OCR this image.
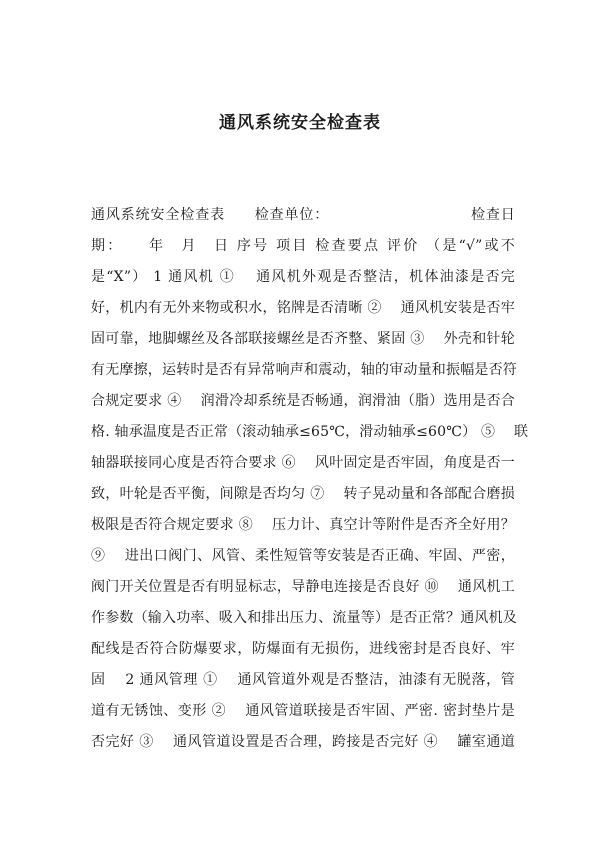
通风系统安全检查表
通风系统安全检查表　　检查单位：　　　　　　　　　　检查日
期：　　年　月　日 序号 项目 检查要点 评价 （是“√”或不
是“X”） 1 通风机 ①　 通风机外观是否整洁，机体油漆是否完
好，机内有无外来物或积水，铭牌是否清晰 ②　 通风机安装是否牢
固可靠，地脚螺丝及各部联接螺丝是否齐整、紧固 ③　 外壳和针轮
有无摩擦，运转时是否有异常响声和震动，轴的审动量和振幅是否符
合规定要求 ④　 润滑冷却系统是否畅通，润滑油（脂）选用是否合
格. 轴承温度是否正常（滚动轴承≤65℃，滑动轴承≤60℃） ⑤　 联
轴器联接同心度是否符合要求 ⑥　 风叶固定是否牢固，角度是否一
致，叶轮是否平衡，间隙是否均匀 ⑦　 转子晃动量和各部配合磨损
极限是否符合规定要求 ⑧　 压力计、真空计等附件是否齐全好用？
⑨　 进出口阀门、风管、柔性短管等安装是否正确、牢固、严密，
阀门开关位置是否有明显标志，导静电连接是否良好 ⑩　 通风机工
作参数（输入功率、吸入和排出压力、流量等）是否正常？通风机及
配线是否符合防爆要求，防爆面有无损伤，进线密封是否良好、牢
固　 2 通风管理 ①　 通风管道外观是否整洁，油漆有无脱落，管
道有无锈蚀、变形 ②　 通风管道联接是否牢固、严密. 密封垫片是
否完好 ③　 通风管道设置是否合理，跨接是否完好 ④　 罐室通道
